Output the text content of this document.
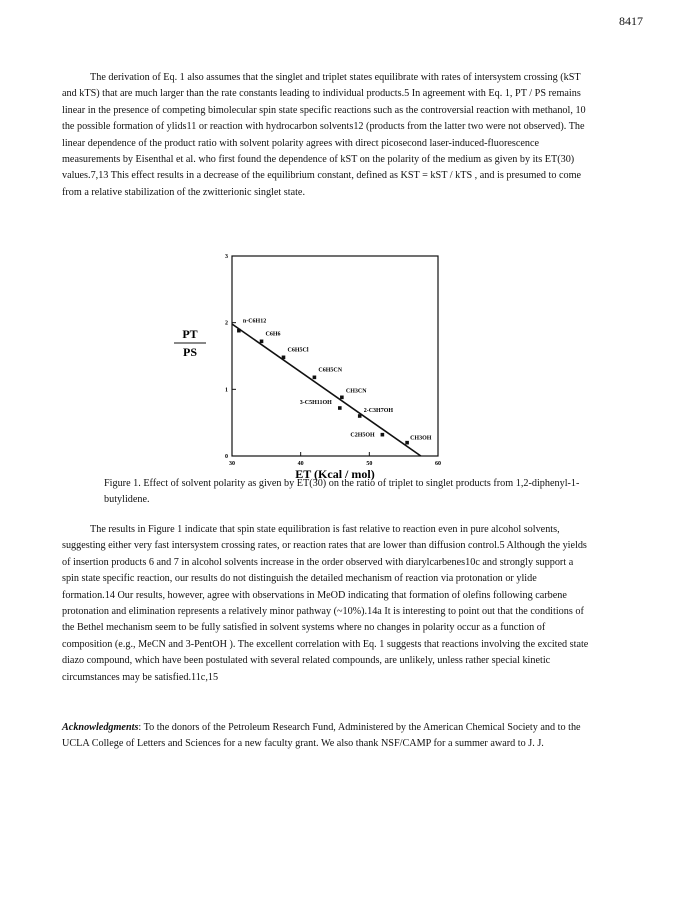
8417

The derivation of Eq. 1 also assumes that the singlet and triplet states equilibrate with rates of intersystem crossing (kST and kTS) that are much larger than the rate constants leading to individual products.5 In agreement with Eq. 1, PT / PS remains linear in the presence of competing bimolecular spin state specific reactions such as the controversial reaction with methanol, 10 the possible formation of ylids11 or reaction with hydrocarbon solvents12 (products from the latter two were not observed). The linear dependence of the product ratio with solvent polarity agrees with direct picosecond laser-induced-fluorescence measurements by Eisenthal et al. who first found the dependence of kST on the polarity of the medium as given by its ET(30) values.7,13 This effect results in a decrease of the equilibrium constant, defined as KST = kST / kTS , and is presumed to come from a relative stabilization of the zwitterionic singlet state.

30	40	50	60
0
1
2
3
n-C6H12
C6H6
C6H5Cl
C6H5CN
CH3CN
3-C5H11OH
2-C3H7OH
C2H5OH	CH3OH
ET (Kcal / mol)
PT
PS
Figure 1. Effect of solvent polarity as given by ET(30) on the ratio of triplet to singlet products from 1,2-diphenyl-1-butylidene.

The results in Figure 1 indicate that spin state equilibration is fast relative to reaction even in pure alcohol solvents, suggesting either very fast intersystem crossing rates, or reaction rates that are lower than diffusion control.5 Although the yields of insertion products 6 and 7 in alcohol solvents increase in the order observed with diarylcarbenes10c and strongly support a spin state specific reaction, our results do not distinguish the detailed mechanism of reaction via protonation or ylide formation.14 Our results, however, agree with observations in MeOD indicating that formation of olefins following carbene protonation and elimination represents a relatively minor pathway (~10%).14a It is interesting to point out that the conditions of the Bethel mechanism seem to be fully satisfied in solvent systems where no changes in polarity occur as a function of composition (e.g., MeCN and 3-PentOH ). The excellent correlation with Eq. 1 suggests that reactions involving the excited state diazo compound, which have been postulated with several related compounds, are unlikely, unless rather special kinetic circumstances may be satisfied.11c,15

Acknowledgments: To the donors of the Petroleum Research Fund, Administered by the American Chemical Society and to the UCLA College of Letters and Sciences for a new faculty grant. We also thank NSF/CAMP for a summer award to J. J.
